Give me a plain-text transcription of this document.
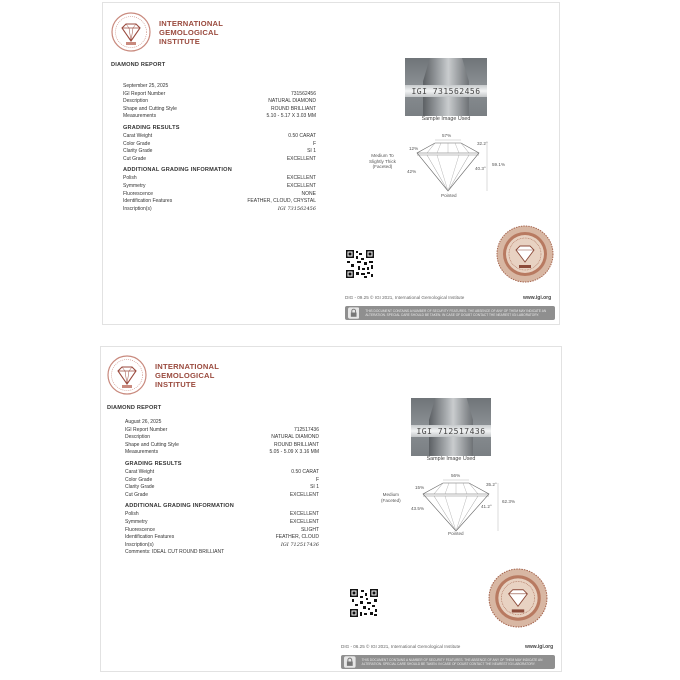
INTERNATIONAL
GEMOLOGICAL
INSTITUTE
DIAMOND REPORT
September 25, 2025
IGI Report Number	731562456
Description	NATURAL DIAMOND
Shape and Cutting Style	ROUND BRILLIANT
Measurements	5.10 - 5.17 X 3.03 MM
GRADING RESULTS
Carat Weight	0.50 CARAT
Color Grade	F
Clarity Grade	SI 1
Cut Grade	EXCELLENT
ADDITIONAL GRADING INFORMATION
Polish	EXCELLENT
Symmetry	EXCELLENT
Fluorescence	NONE
Identification Features	FEATHER, CLOUD, CRYSTAL
Inscription(s)	IGI 731562456
IGI 731562456
Sample Image Used
57%
32.2°
12%
Medium To
Slightly Thick
(Faceted)
42%
40.3°
59.1%
Pointed
DIG - 09.25 © IGI 2021, International Gemological Institute	www.igi.org
THIS DOCUMENT CONTAINS A NUMBER OF SECURITY FEATURES. THE ABSENCE OF ANY OF THEM MAY INDICATE AN ALTERATION. SPECIAL CARE SHOULD BE TAKEN. IN CASE OF DOUBT CONTACT THE NEAREST IGI LABORATORY.
INTERNATIONAL
GEMOLOGICAL
INSTITUTE
DIAMOND REPORT
August 26, 2025
IGI Report Number	712517436
Description	NATURAL DIAMOND
Shape and Cutting Style	ROUND BRILLIANT
Measurements	5.05 - 5.09 X 3.16 MM
GRADING RESULTS
Carat Weight	0.50 CARAT
Color Grade	F
Clarity Grade	SI 1
Cut Grade	EXCELLENT
ADDITIONAL GRADING INFORMATION
Polish	EXCELLENT
Symmetry	EXCELLENT
Fluorescence	SLIGHT
Identification Features	FEATHER, CLOUD
Inscription(s)	IGI 712517436
Comments: IDEAL CUT ROUND BRILLIANT
IGI 712517436
Sample Image Used
56%
35.2°
15%
Medium
(Faceted)
43.5%	41.2°
62.3%
Pointed
DIG - 06.25 © IGI 2021, International Gemological Institute	www.igi.org
THIS DOCUMENT CONTAINS A NUMBER OF SECURITY FEATURES. THE ABSENCE OF ANY OF THEM MAY INDICATE AN ALTERATION. SPECIAL CARE SHOULD BE TAKEN. IN CASE OF DOUBT CONTACT THE NEAREST IGI LABORATORY.
